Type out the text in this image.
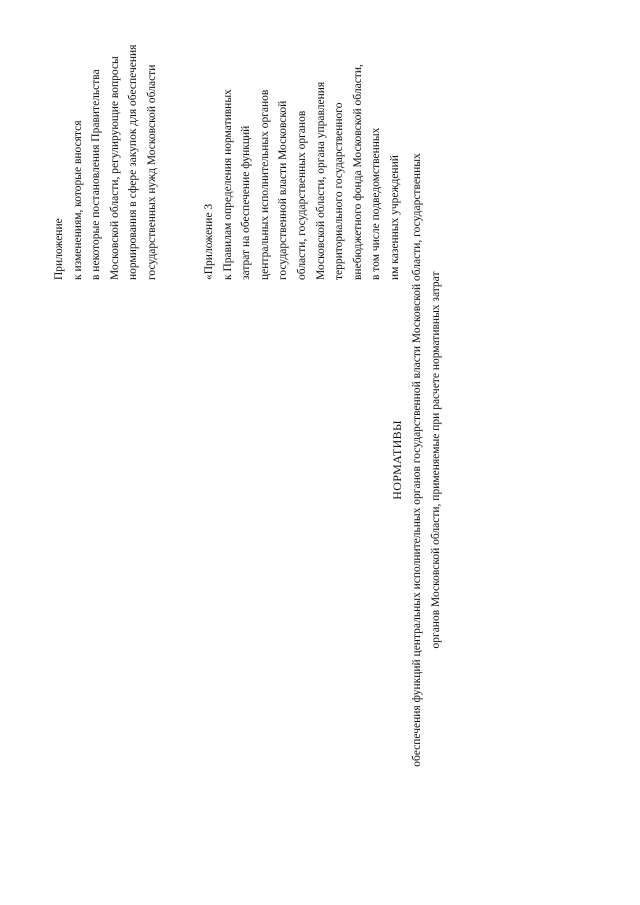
Приложение к изменениям, которые вносятся в некоторые постановления Правительства Московской области, регулирующие вопросы нормирования в сфере закупок для обеспечения государственных нужд Московской области	«Приложение 3 к Правилам определения нормативных затрат на обеспечение функций центральных исполнительных органов государственной власти Московской области, государственных органов Московской области, органа управления территориального государственного внебюджетного фонда Московской области, в том числе подведомственных им казенных учреждений
НОРМАТИВЫ обеспечения функций центральных исполнительных органов государственной власти Московской области, государственных органов Московской области, применяемые при расчете нормативных затрат
